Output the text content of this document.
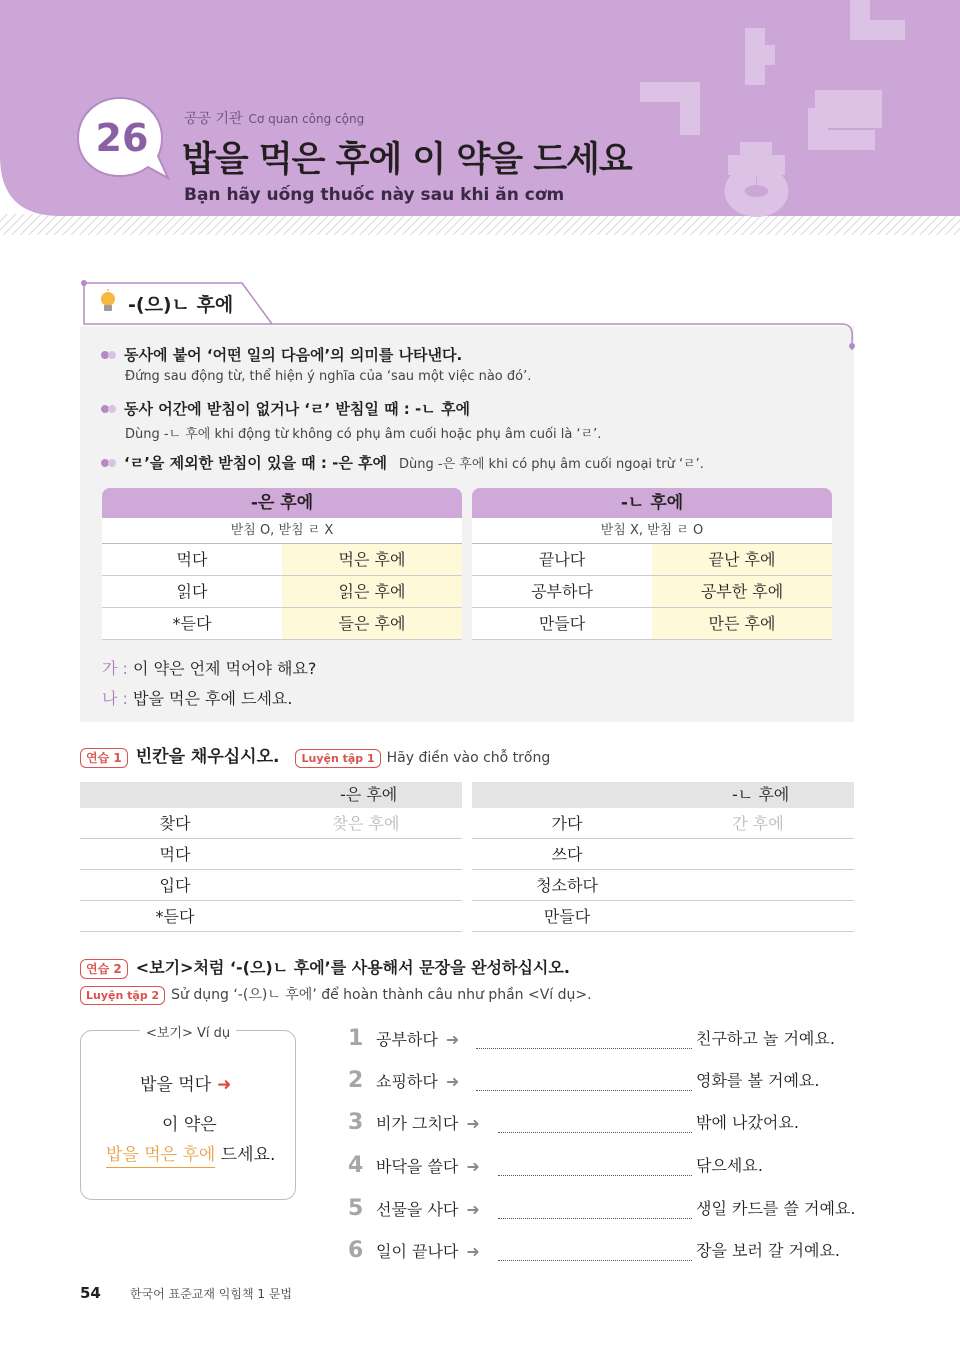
26	공공 기관 Cơ quan công cộng
밥을 먹은 후에 이 약을 드세요
Bạn hãy uống thuốc này sau khi ăn cơm
-(으)ㄴ 후에
동사에 붙어 ‘어떤 일의 다음에’의 의미를 나타낸다.
Đứng sau động từ, thể hiện ý nghĩa của ‘sau một việc nào đó’.
동사 어간에 받침이 없거나 ‘ㄹ’ 받침일 때 : -ㄴ 후에
Dùng -ㄴ 후에 khi động từ không có phụ âm cuối hoặc phụ âm cuối là ‘ㄹ’.
‘ㄹ’을 제외한 받침이 있을 때 : -은 후에 Dùng -은 후에 khi có phụ âm cuối ngoại trừ ‘ㄹ’.
-은 후에
받침 O, 받침 ㄹ X
먹다	먹은 후에
읽다	읽은 후에
*듣다	들은 후에
-ㄴ 후에
받침 X, 받침 ㄹ O
끝나다	끝난 후에
공부하다	공부한 후에
만들다	만든 후에
가 : 이 약은 언제 먹어야 해요?
나 : 밥을 먹은 후에 드세요.
연습 1 빈칸을 채우십시오. Luyện tập 1 Hãy điền vào chỗ trống
-은 후에
찾다	찾은 후에
먹다
입다
*듣다
-ㄴ 후에
가다	간 후에
쓰다
청소하다
만들다
연습 2 <보기>처럼 ‘-(으)ㄴ 후에’를 사용해서 문장을 완성하십시오.
Luyện tập 2 Sử dụng ‘-(으)ㄴ 후에’ để hoàn thành câu như phần <Ví dụ>.
<보기> Ví dụ
밥을 먹다 ➜
이 약은
밥을 먹은 후에 드세요.
1 공부하다 ➜	친구하고 놀 거예요.
2 쇼핑하다 ➜	영화를 볼 거예요.
3 비가 그치다 ➜	밖에 나갔어요.
4 바닥을 쓸다 ➜	닦으세요.
5 선물을 사다 ➜	생일 카드를 쓸 거예요.
6 일이 끝나다 ➜	장을 보러 갈 거예요.
54 한국어 표준교재 익힘책 1 문법
